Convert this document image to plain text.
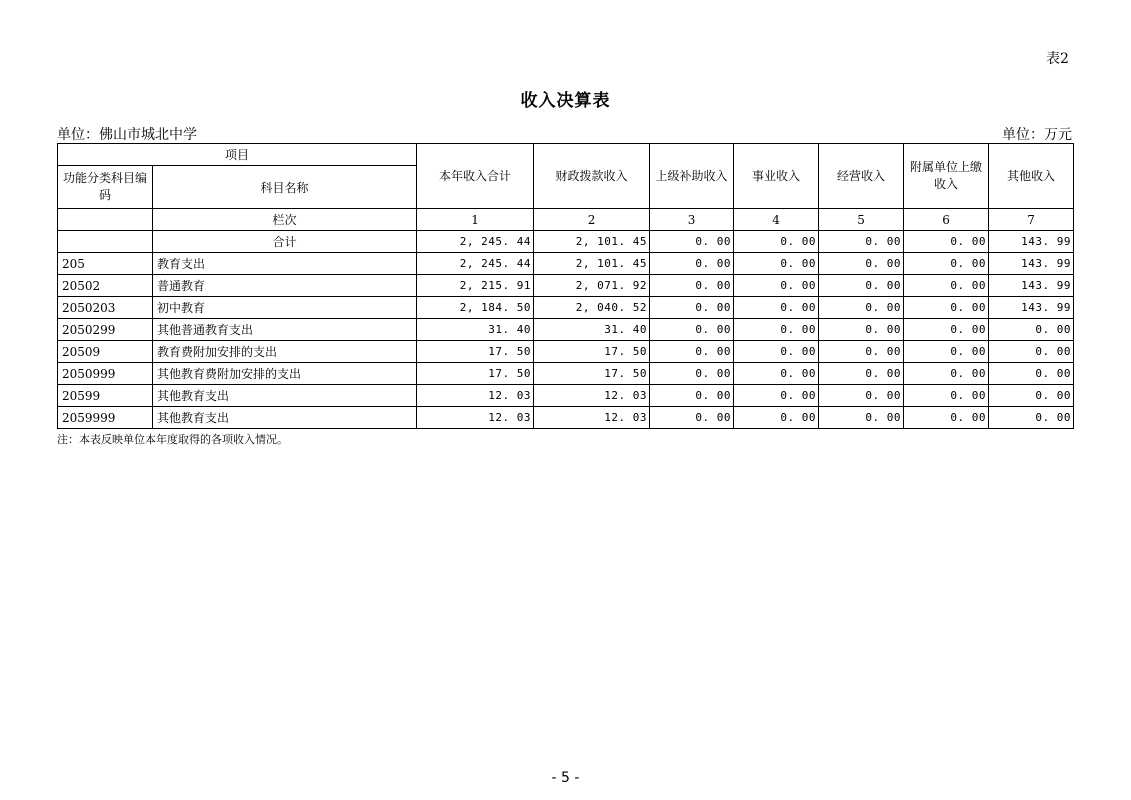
表2
收入决算表
单位：佛山市城北中学	单位：万元
项目		本年收入合计	财政拨款收入	上级补助收入	事业收入	经营收入	附属单位上缴收入	其他收入
功能分类科目编码	科目名称							
	栏次	1	2	3	4	5	6	7
	合计	2, 245. 44	2, 101. 45	0. 00	0. 00	0. 00	0. 00	143. 99
205	教育支出	2, 245. 44	2, 101. 45	0. 00	0. 00	0. 00	0. 00	143. 99
20502	普通教育	2, 215. 91	2, 071. 92	0. 00	0. 00	0. 00	0. 00	143. 99
2050203	初中教育	2, 184. 50	2, 040. 52	0. 00	0. 00	0. 00	0. 00	143. 99
2050299	其他普通教育支出	31. 40	31. 40	0. 00	0. 00	0. 00	0. 00	0. 00
20509	教育费附加安排的支出	17. 50	17. 50	0. 00	0. 00	0. 00	0. 00	0. 00
2050999	其他教育费附加安排的支出	17. 50	17. 50	0. 00	0. 00	0. 00	0. 00	0. 00
20599	其他教育支出	12. 03	12. 03	0. 00	0. 00	0. 00	0. 00	0. 00
2059999	其他教育支出	12. 03	12. 03	0. 00	0. 00	0. 00	0. 00	0. 00
注：本表反映单位本年度取得的各项收入情况。
- 5 -
